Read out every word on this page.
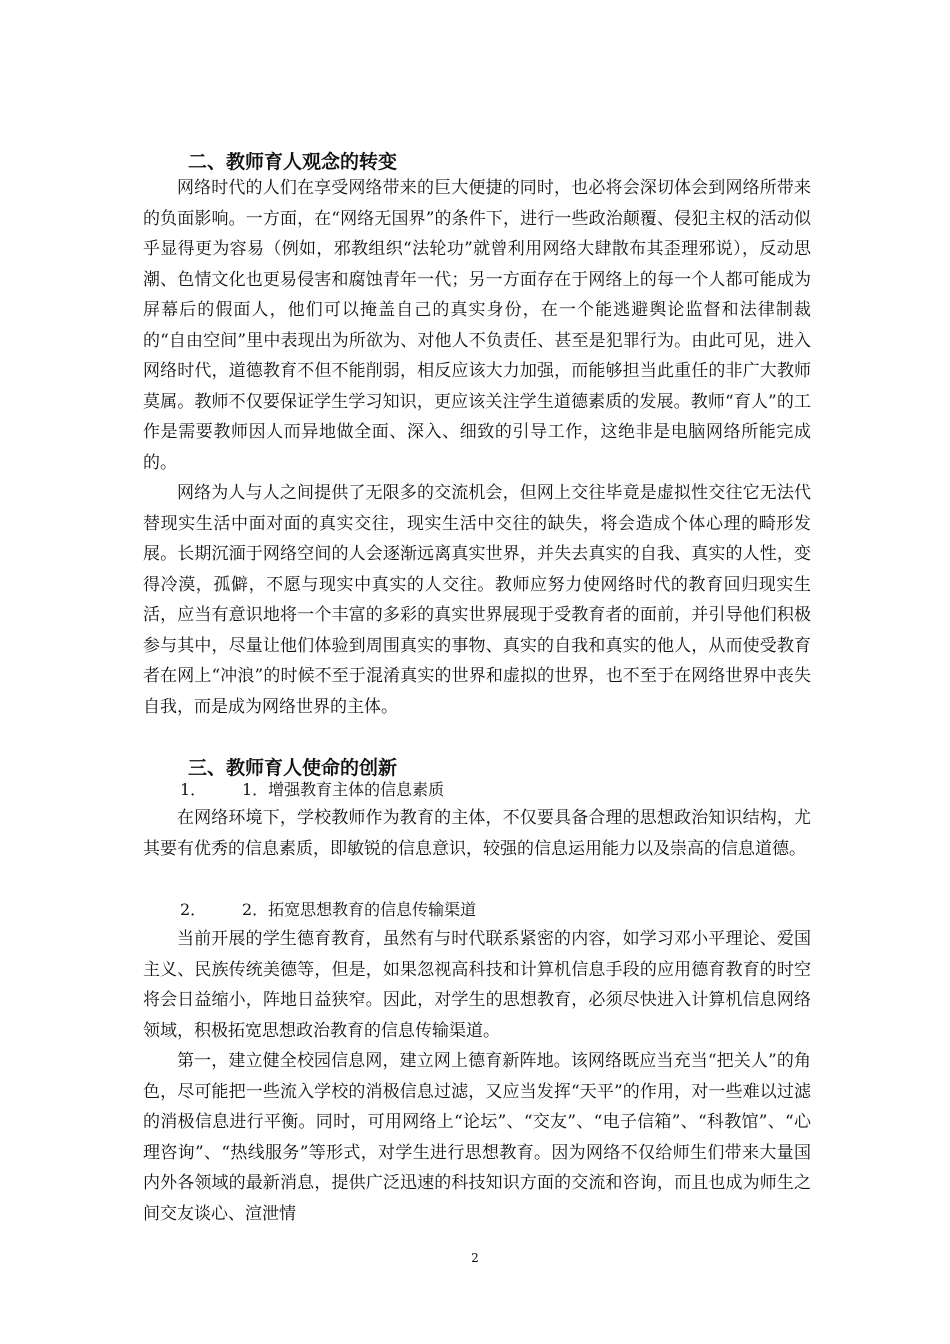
二、教师育人观念的转变

网络时代的人们在享受网络带来的巨大便捷的同时，也必将会深切体会到网络所带来的负面影响。一方面，在“网络无国界”的条件下，进行一些政治颠覆、侵犯主权的活动似乎显得更为容易（例如，邪教组织“法轮功”就曾利用网络大肆散布其歪理邪说），反动思潮、色情文化也更易侵害和腐蚀青年一代；另一方面存在于网络上的每一个人都可能成为屏幕后的假面人，他们可以掩盖自己的真实身份，在一个能逃避舆论监督和法律制裁的“自由空间”里中表现出为所欲为、对他人不负责任、甚至是犯罪行为。由此可见，进入网络时代，道德教育不但不能削弱，相反应该大力加强，而能够担当此重任的非广大教师莫属。教师不仅要保证学生学习知识，更应该关注学生道德素质的发展。教师“育人”的工作是需要教师因人而异地做全面、深入、细致的引导工作，这绝非是电脑网络所能完成的。

网络为人与人之间提供了无限多的交流机会，但网上交往毕竟是虚拟性交往它无法代替现实生活中面对面的真实交往，现实生活中交往的缺失，将会造成个体心理的畸形发展。长期沉湎于网络空间的人会逐渐远离真实世界，并失去真实的自我、真实的人性，变得冷漠，孤僻，不愿与现实中真实的人交往。教师应努力使网络时代的教育回归现实生活，应当有意识地将一个丰富的多彩的真实世界展现于受教育者的面前，并引导他们积极参与其中，尽量让他们体验到周围真实的事物、真实的自我和真实的他人，从而使受教育者在网上“冲浪”的时候不至于混淆真实的世界和虚拟的世界，也不至于在网络世界中丧失自我，而是成为网络世界的主体。

三、教师育人使命的创新
1． 1．增强教育主体的信息素质

在网络环境下，学校教师作为教育的主体，不仅要具备合理的思想政治知识结构，尤其要有优秀的信息素质，即敏锐的信息意识，较强的信息运用能力以及崇高的信息道德。

2． 2．拓宽思想教育的信息传输渠道

当前开展的学生德育教育，虽然有与时代联系紧密的内容，如学习邓小平理论、爱国主义、民族传统美德等，但是，如果忽视高科技和计算机信息手段的应用德育教育的时空将会日益缩小，阵地日益狭窄。因此，对学生的思想教育，必须尽快进入计算机信息网络领域，积极拓宽思想政治教育的信息传输渠道。

第一，建立健全校园信息网，建立网上德育新阵地。该网络既应当充当“把关人”的角色，尽可能把一些流入学校的消极信息过滤，又应当发挥“天平”的作用，对一些难以过滤的消极信息进行平衡。同时，可用网络上“论坛”、“交友”、“电子信箱”、“科教馆”、“心理咨询”、“热线服务”等形式，对学生进行思想教育。因为网络不仅给师生们带来大量国内外各领域的最新消息，提供广泛迅速的科技知识方面的交流和咨询，而且也成为师生之间交友谈心、渲泄情

2
